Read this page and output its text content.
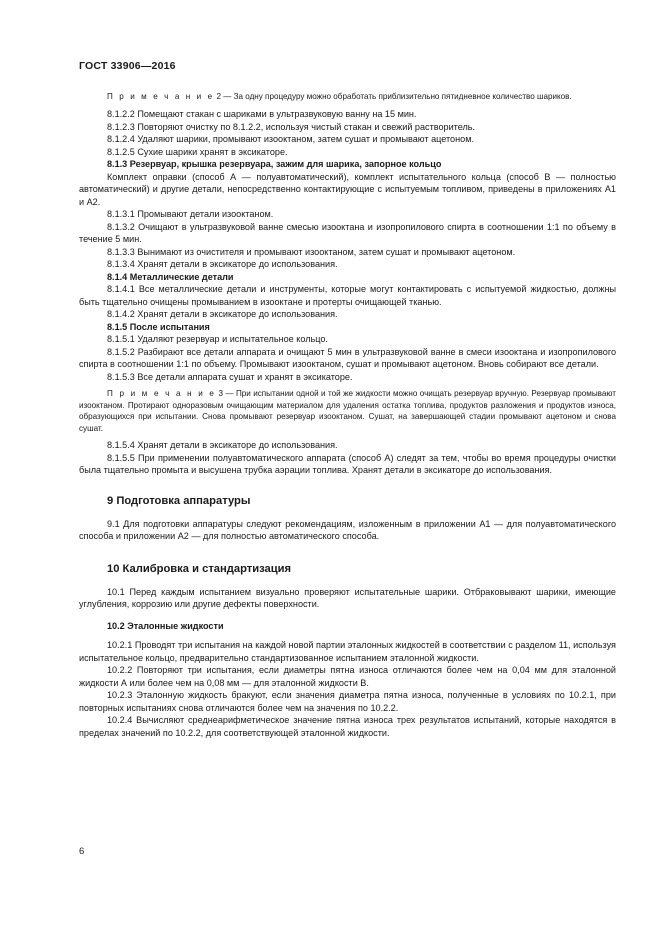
ГОСТ 33906—2016

П р и м е ч а н и е 2 — За одну процедуру можно обработать приблизительно пятидневное количество шариков.

8.1.2.2 Помещают стакан с шариками в ультразвуковую ванну на 15 мин.

8.1.2.3 Повторяют очистку по 8.1.2.2, используя чистый стакан и свежий растворитель.

8.1.2.4 Удаляют шарики, промывают изооктаном, затем сушат и промывают ацетоном.

8.1.2.5 Сухие шарики хранят в эксикаторе.

8.1.3 Резервуар, крышка резервуара, зажим для шарика, запорное кольцо

Комплект оправки (способ А — полуавтоматический), комплект испытательного кольца (способ В — полностью автоматический) и другие детали, непосредственно контактирующие с испытуемым топливом, приведены в приложениях А1 и А2.

8.1.3.1 Промывают детали изооктаном.

8.1.3.2 Очищают в ультразвуковой ванне смесью изооктана и изопропилового спирта в соотношении 1:1 по объему в течение 5 мин.

8.1.3.3 Вынимают из очистителя и промывают изооктаном, затем сушат и промывают ацетоном.

8.1.3.4 Хранят детали в эксикаторе до использования.

8.1.4 Металлические детали

8.1.4.1 Все металлические детали и инструменты, которые могут контактировать с испытуемой жидкостью, должны быть тщательно очищены промыванием в изооктане и протерты очищающей тканью.

8.1.4.2 Хранят детали в эксикаторе до использования.

8.1.5 После испытания

8.1.5.1 Удаляют резервуар и испытательное кольцо.

8.1.5.2 Разбирают все детали аппарата и очищают 5 мин в ультразвуковой ванне в смеси изооктана и изопропилового спирта в соотношении 1:1 по объему. Промывают изооктаном, сушат и промывают ацетоном. Вновь собирают все детали.

8.1.5.3 Все детали аппарата сушат и хранят в эксикаторе.

П р и м е ч а н и е 3 — При испытании одной и той же жидкости можно очищать резервуар вручную. Резервуар промывают изооктаном. Протирают одноразовым очищающим материалом для удаления остатка топлива, продуктов разложения и продуктов износа, образующихся при испытании. Снова промывают резервуар изооктаном. Сушат, на завершающей стадии промывают ацетоном и снова сушат.

8.1.5.4 Хранят детали в эксикаторе до использования.

8.1.5.5 При применении полуавтоматического аппарата (способ А) следят за тем, чтобы во время процедуры очистки была тщательно промыта и высушена трубка аэрации топлива. Хранят детали в эксикаторе до использования.

9 Подготовка аппаратуры

9.1 Для подготовки аппаратуры следуют рекомендациям, изложенным в приложении А1 — для полуавтоматического способа и приложении А2 — для полностью автоматического способа.

10 Калибровка и стандартизация

10.1 Перед каждым испытанием визуально проверяют испытательные шарики. Отбраковывают шарики, имеющие углубления, коррозию или другие дефекты поверхности.

10.2 Эталонные жидкости

10.2.1 Проводят три испытания на каждой новой партии эталонных жидкостей в соответствии с разделом 11, используя испытательное кольцо, предварительно стандартизованное испытанием эталонной жидкости.

10.2.2 Повторяют три испытания, если диаметры пятна износа отличаются более чем на 0,04 мм для эталонной жидкости А или более чем на 0,08 мм — для эталонной жидкости В.

10.2.3 Эталонную жидкость бракуют, если значения диаметра пятна износа, полученные в условиях по 10.2.1, при повторных испытаниях снова отличаются более чем на значения по 10.2.2.

10.2.4 Вычисляют среднеарифметическое значение пятна износа трех результатов испытаний, которые находятся в пределах значений по 10.2.2, для соответствующей эталонной жидкости.

6
